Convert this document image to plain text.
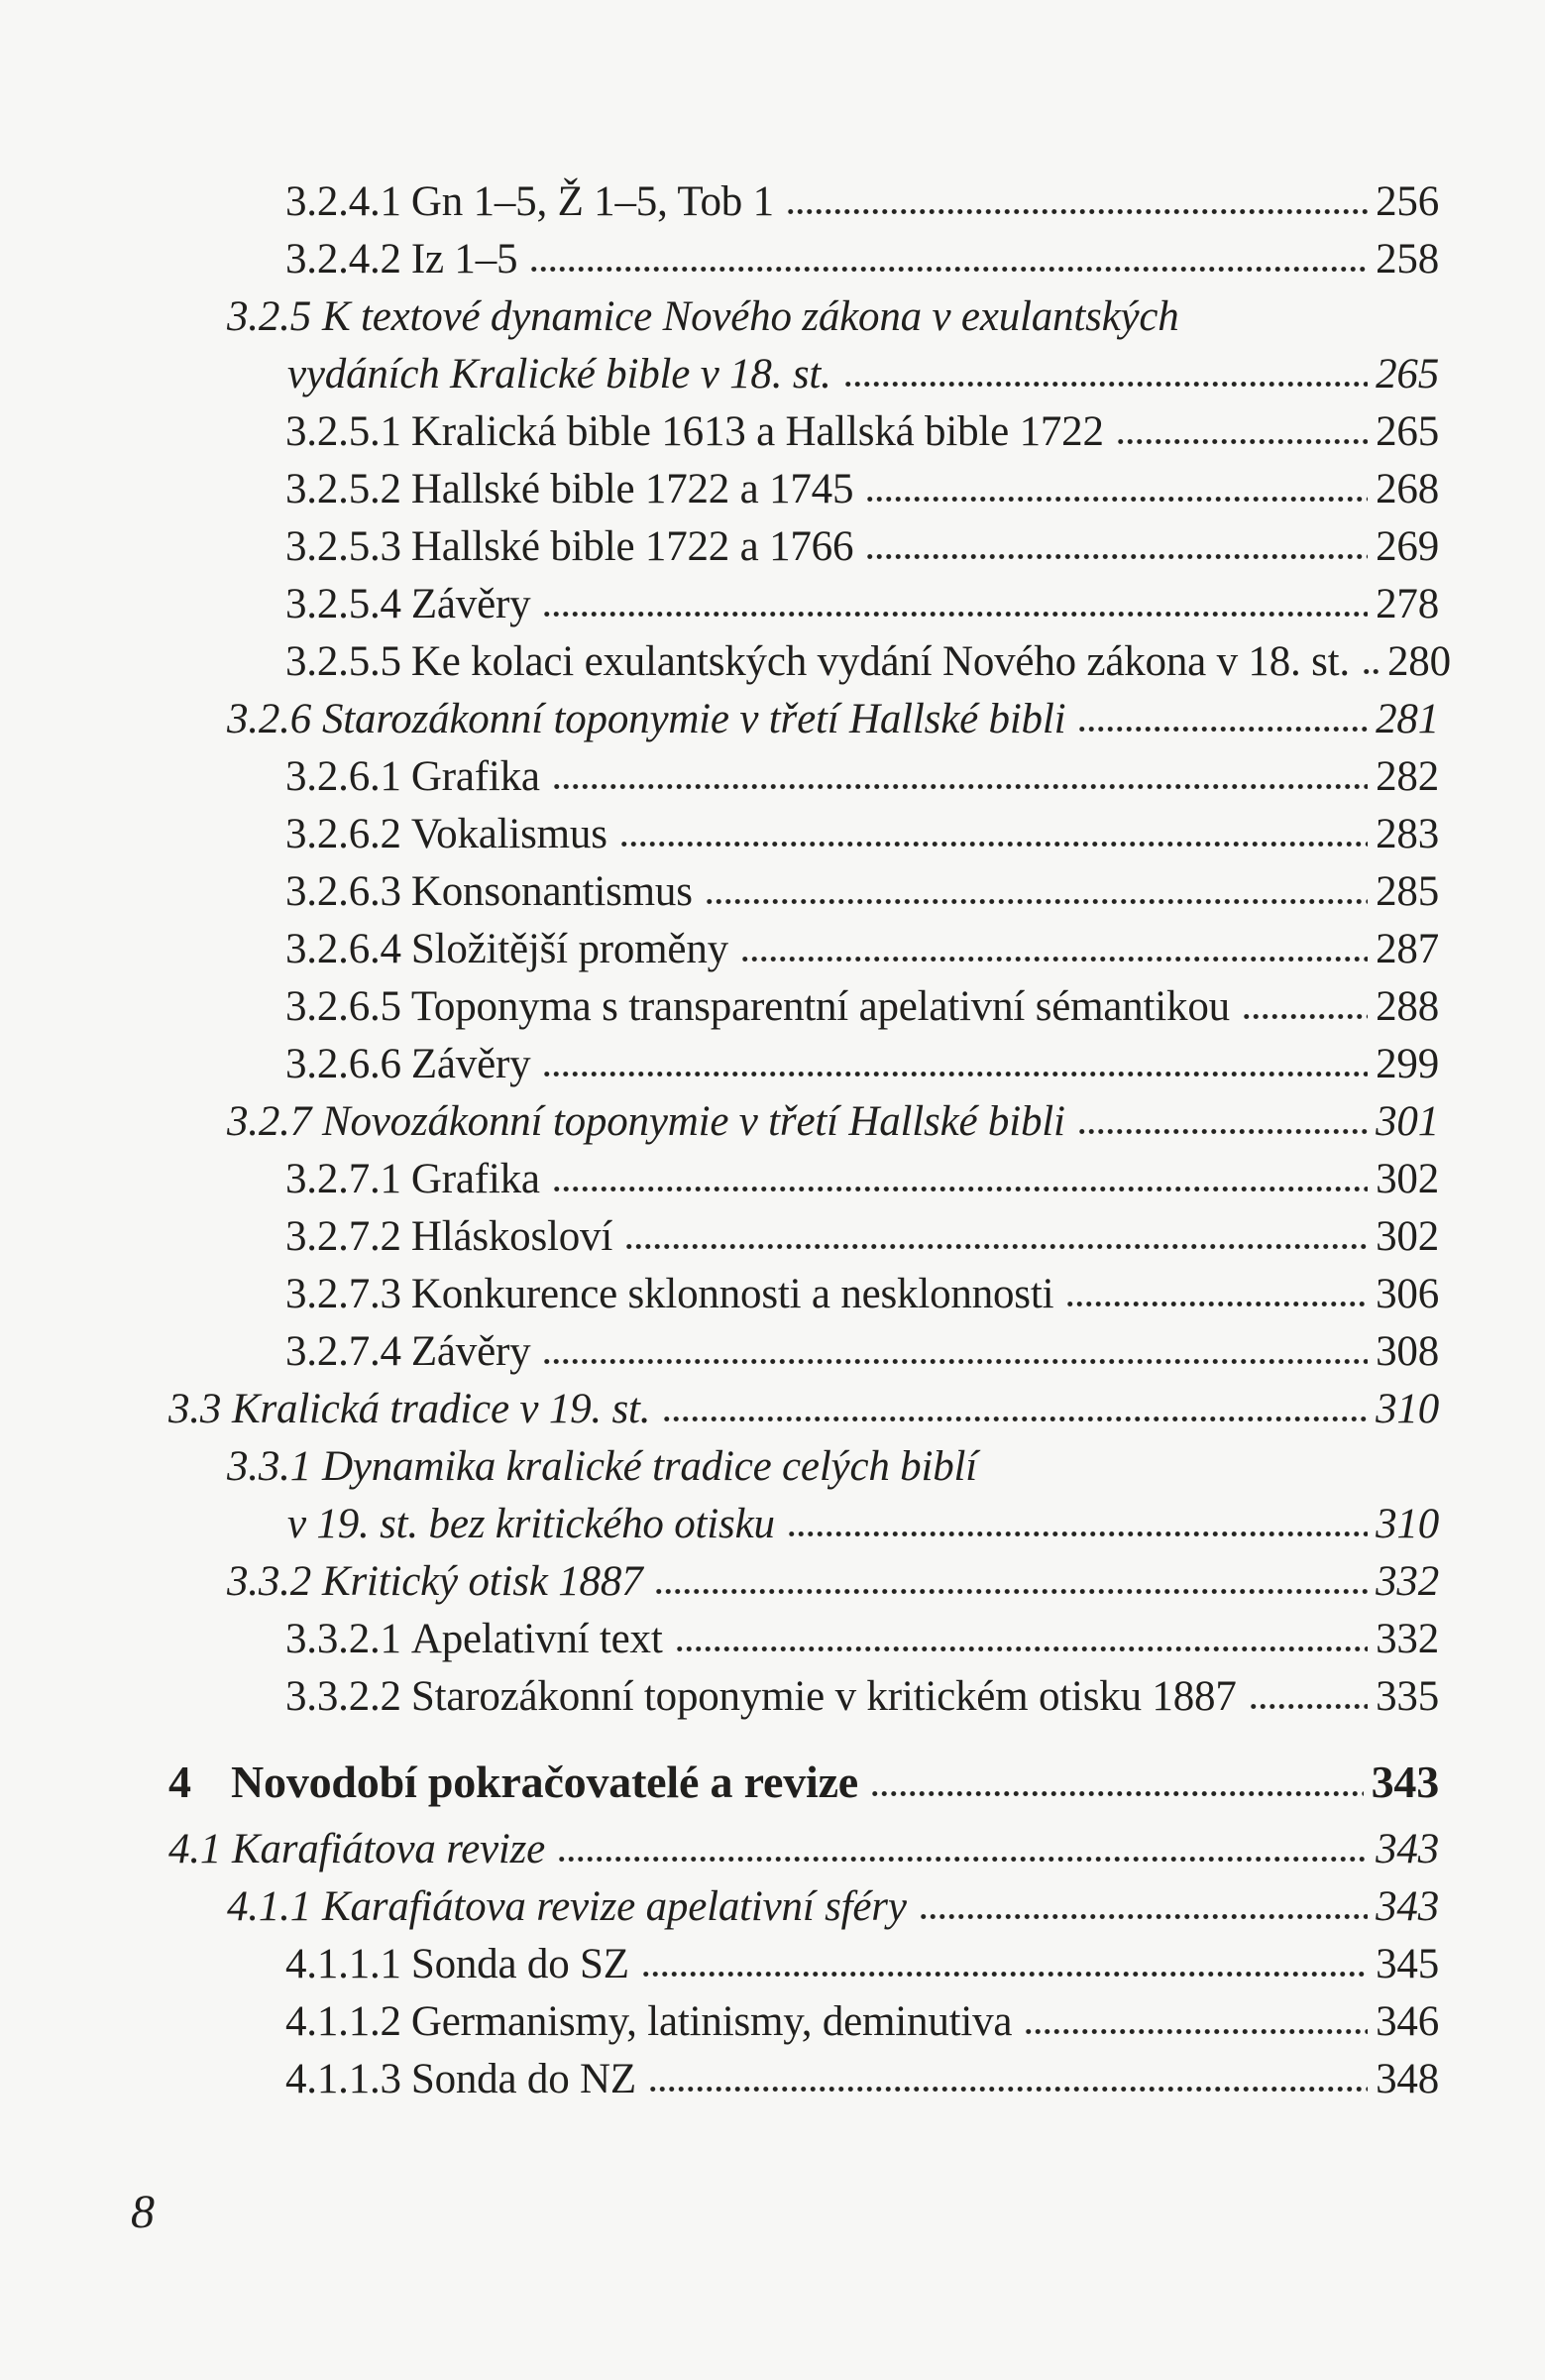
3.2.4.1 Gn 1–5, Ž 1–5, Tob 1	256
3.2.4.2 Iz 1–5	258
3.2.5 K textové dynamice Nového zákona v exulantských
vydáních Kralické bible v 18. st.	265
3.2.5.1 Kralická bible 1613 a Hallská bible 1722	265
3.2.5.2 Hallské bible 1722 a 1745	268
3.2.5.3 Hallské bible 1722 a 1766	269
3.2.5.4 Závěry	278
3.2.5.5 Ke kolaci exulantských vydání Nového zákona v 18. st. 280
3.2.6 Starozákonní toponymie v třetí Hallské bibli	281
3.2.6.1 Grafika	282
3.2.6.2 Vokalismus	283
3.2.6.3 Konsonantismus	285
3.2.6.4 Složitější proměny	287
3.2.6.5 Toponyma s transparentní apelativní sémantikou	288
3.2.6.6 Závěry	299
3.2.7 Novozákonní toponymie v třetí Hallské bibli	301
3.2.7.1 Grafika	302
3.2.7.2 Hláskosloví	302
3.2.7.3 Konkurence sklonnosti a nesklonnosti	306
3.2.7.4 Závěry	308
3.3 Kralická tradice v 19. st.	310
3.3.1 Dynamika kralické tradice celých biblí
v 19. st. bez kritického otisku	310
3.3.2 Kritický otisk 1887	332
3.3.2.1 Apelativní text	332
3.3.2.2 Starozákonní toponymie v kritickém otisku 1887	335
4 Novodobí pokračovatelé a revize	343
4.1 Karafiátova revize	343
4.1.1 Karafiátova revize apelativní sféry	343
4.1.1.1 Sonda do SZ	345
4.1.1.2 Germanismy, latinismy, deminutiva	346
4.1.1.3 Sonda do NZ	348
8
